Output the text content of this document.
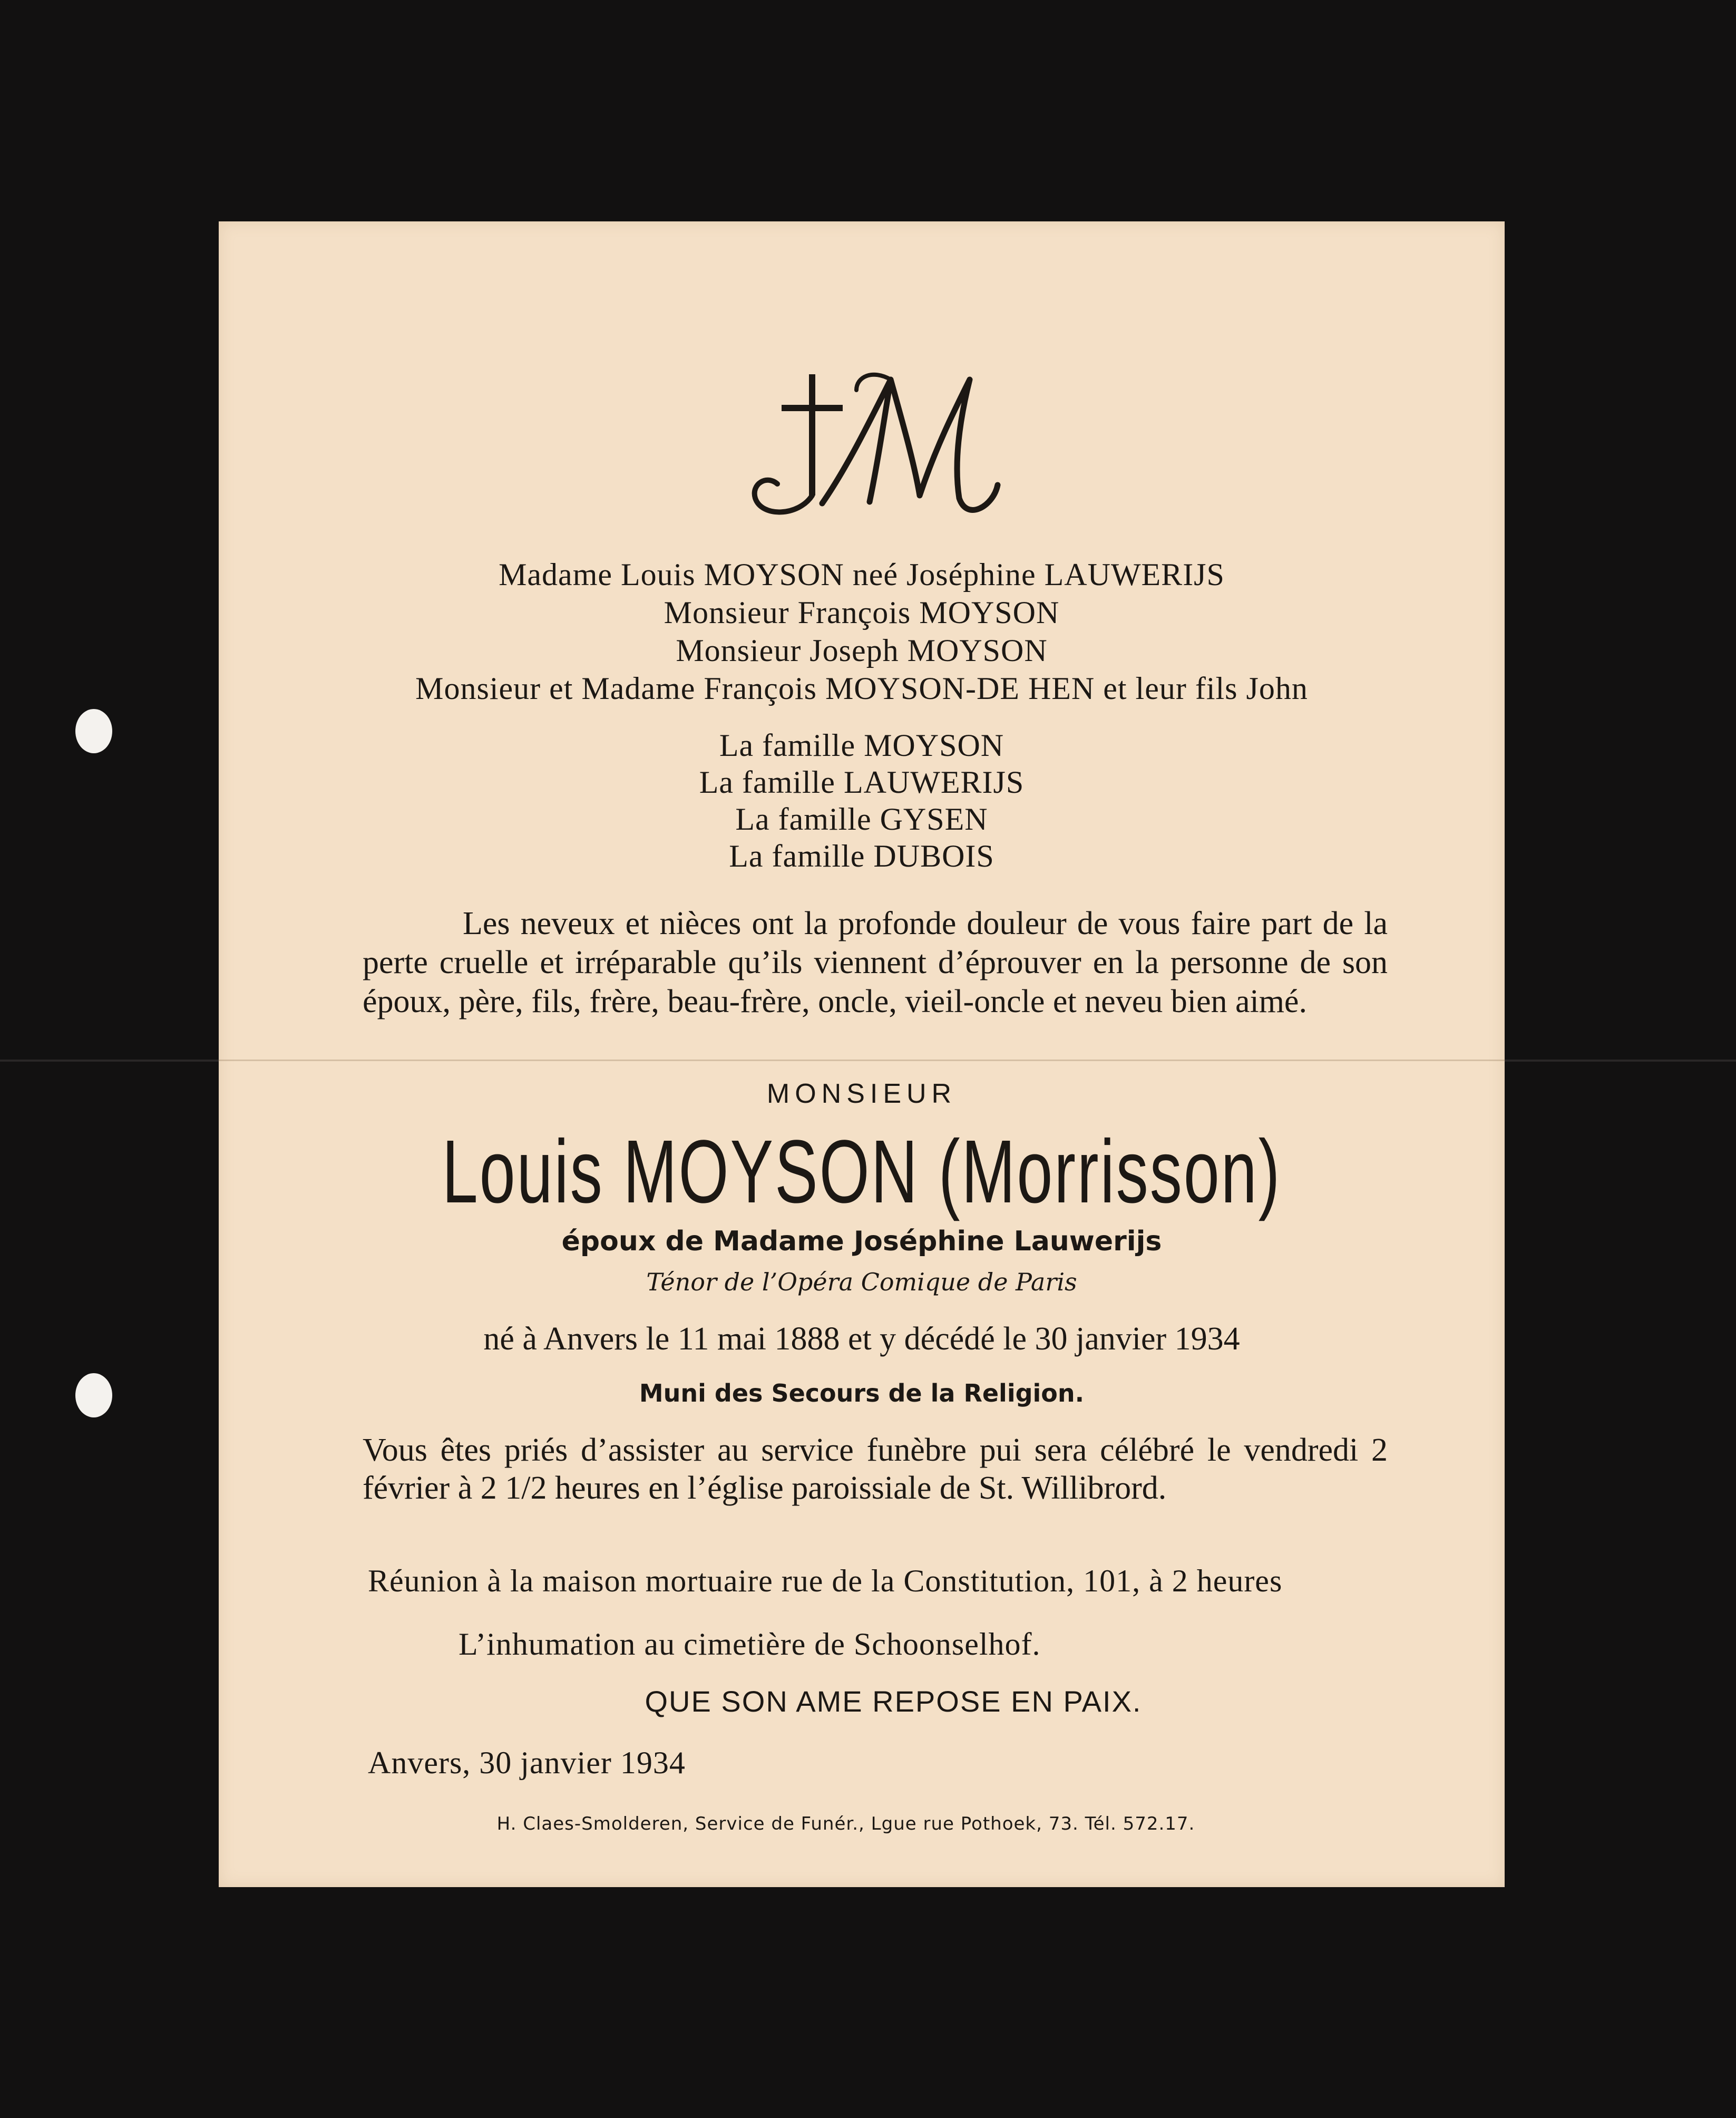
Madame Louis MOYSON neé Joséphine LAUWERIJS
Monsieur François MOYSON
Monsieur Joseph MOYSON
Monsieur et Madame François MOYSON-DE HEN et leur fils John
La famille MOYSON
La famille LAUWERIJS
La famille GYSEN
La famille DUBOIS
Les neveux et nièces ont la profonde douleur de vous faire part de la perte cruelle et irréparable qu’ils viennent d’éprouver en la personne de son époux, père, fils, frère, beau-frère, oncle, vieil-oncle et neveu bien aimé.
MONSIEUR
Louis MOYSON (Morrisson)
époux de Madame Joséphine Lauwerijs
Ténor de l’Opéra Comique de Paris
né à Anvers le 11 mai 1888 et y décédé le 30 janvier 1934
Muni des Secours de la Religion.
Vous êtes priés d’assister au service funèbre pui sera célébré le vendredi 2 février à 2 1/2 heures en l’église paroissiale de St. Willibrord.
Réunion à la maison mortuaire rue de la Constitution, 101, à 2 heures
L’inhumation au cimetière de Schoonselhof.
QUE SON AME REPOSE EN PAIX.
Anvers, 30 janvier 1934
H. Claes-Smolderen, Service de Funér., Lgue rue Pothoek, 73. Tél. 572.17.
